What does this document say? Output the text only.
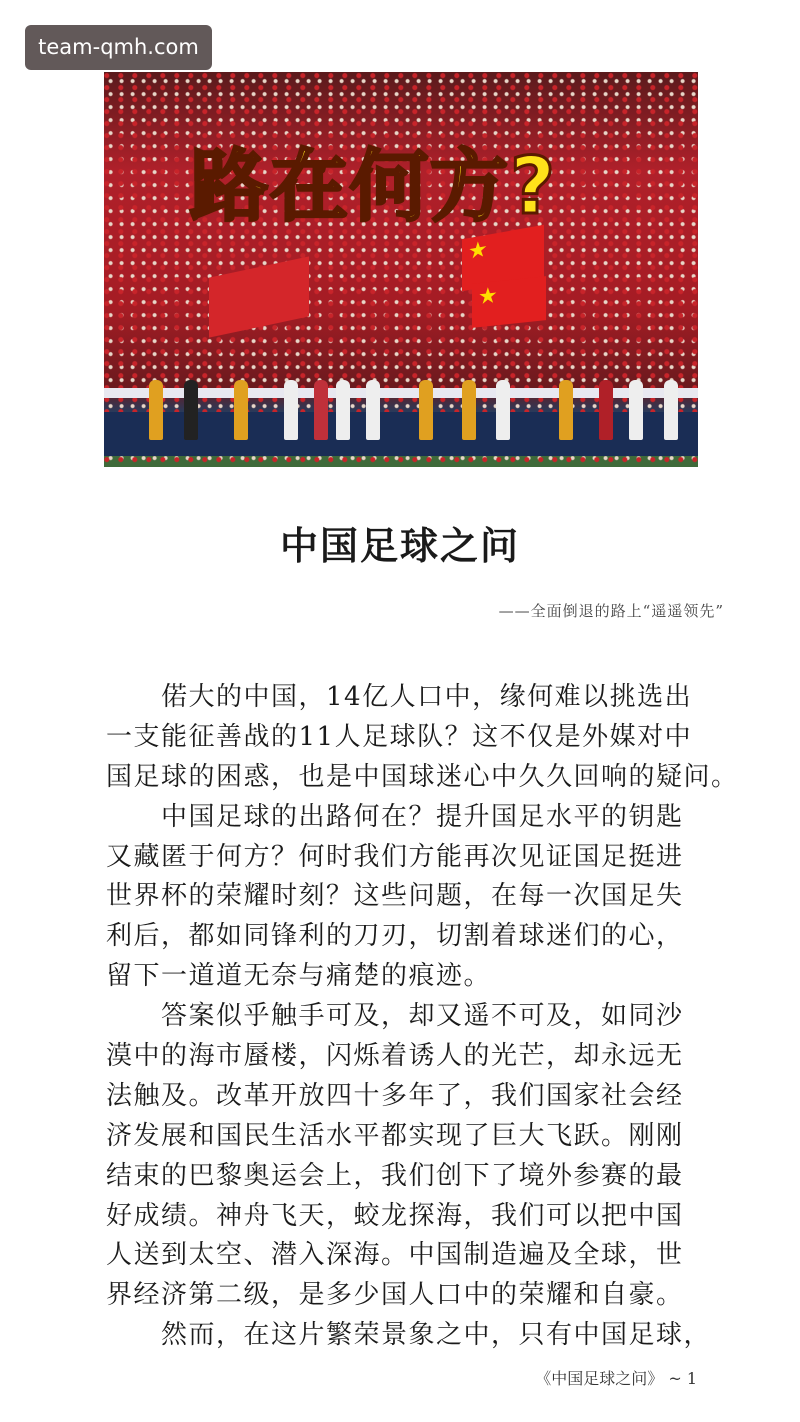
team-qmh.com
★
★
路在何方?
中国足球之问
——全面倒退的路上“遥遥领先”
　　偌大的中国，14亿人口中，缘何难以挑选出
一支能征善战的11人足球队？这不仅是外媒对中
国足球的困惑，也是中国球迷心中久久回响的疑问。
　　中国足球的出路何在？提升国足水平的钥匙
又藏匿于何方？何时我们方能再次见证国足挺进
世界杯的荣耀时刻？这些问题，在每一次国足失
利后，都如同锋利的刀刃，切割着球迷们的心，
留下一道道无奈与痛楚的痕迹。
　　答案似乎触手可及，却又遥不可及，如同沙
漠中的海市蜃楼，闪烁着诱人的光芒，却永远无
法触及。改革开放四十多年了，我们国家社会经
济发展和国民生活水平都实现了巨大飞跃。刚刚
结束的巴黎奥运会上，我们创下了境外参赛的最
好成绩。神舟飞天，蛟龙探海，我们可以把中国
人送到太空、潜入深海。中国制造遍及全球，世
界经济第二级，是多少国人口中的荣耀和自豪。
　　然而，在这片繁荣景象之中，只有中国足球，
《中国足球之问》 ~ 1
